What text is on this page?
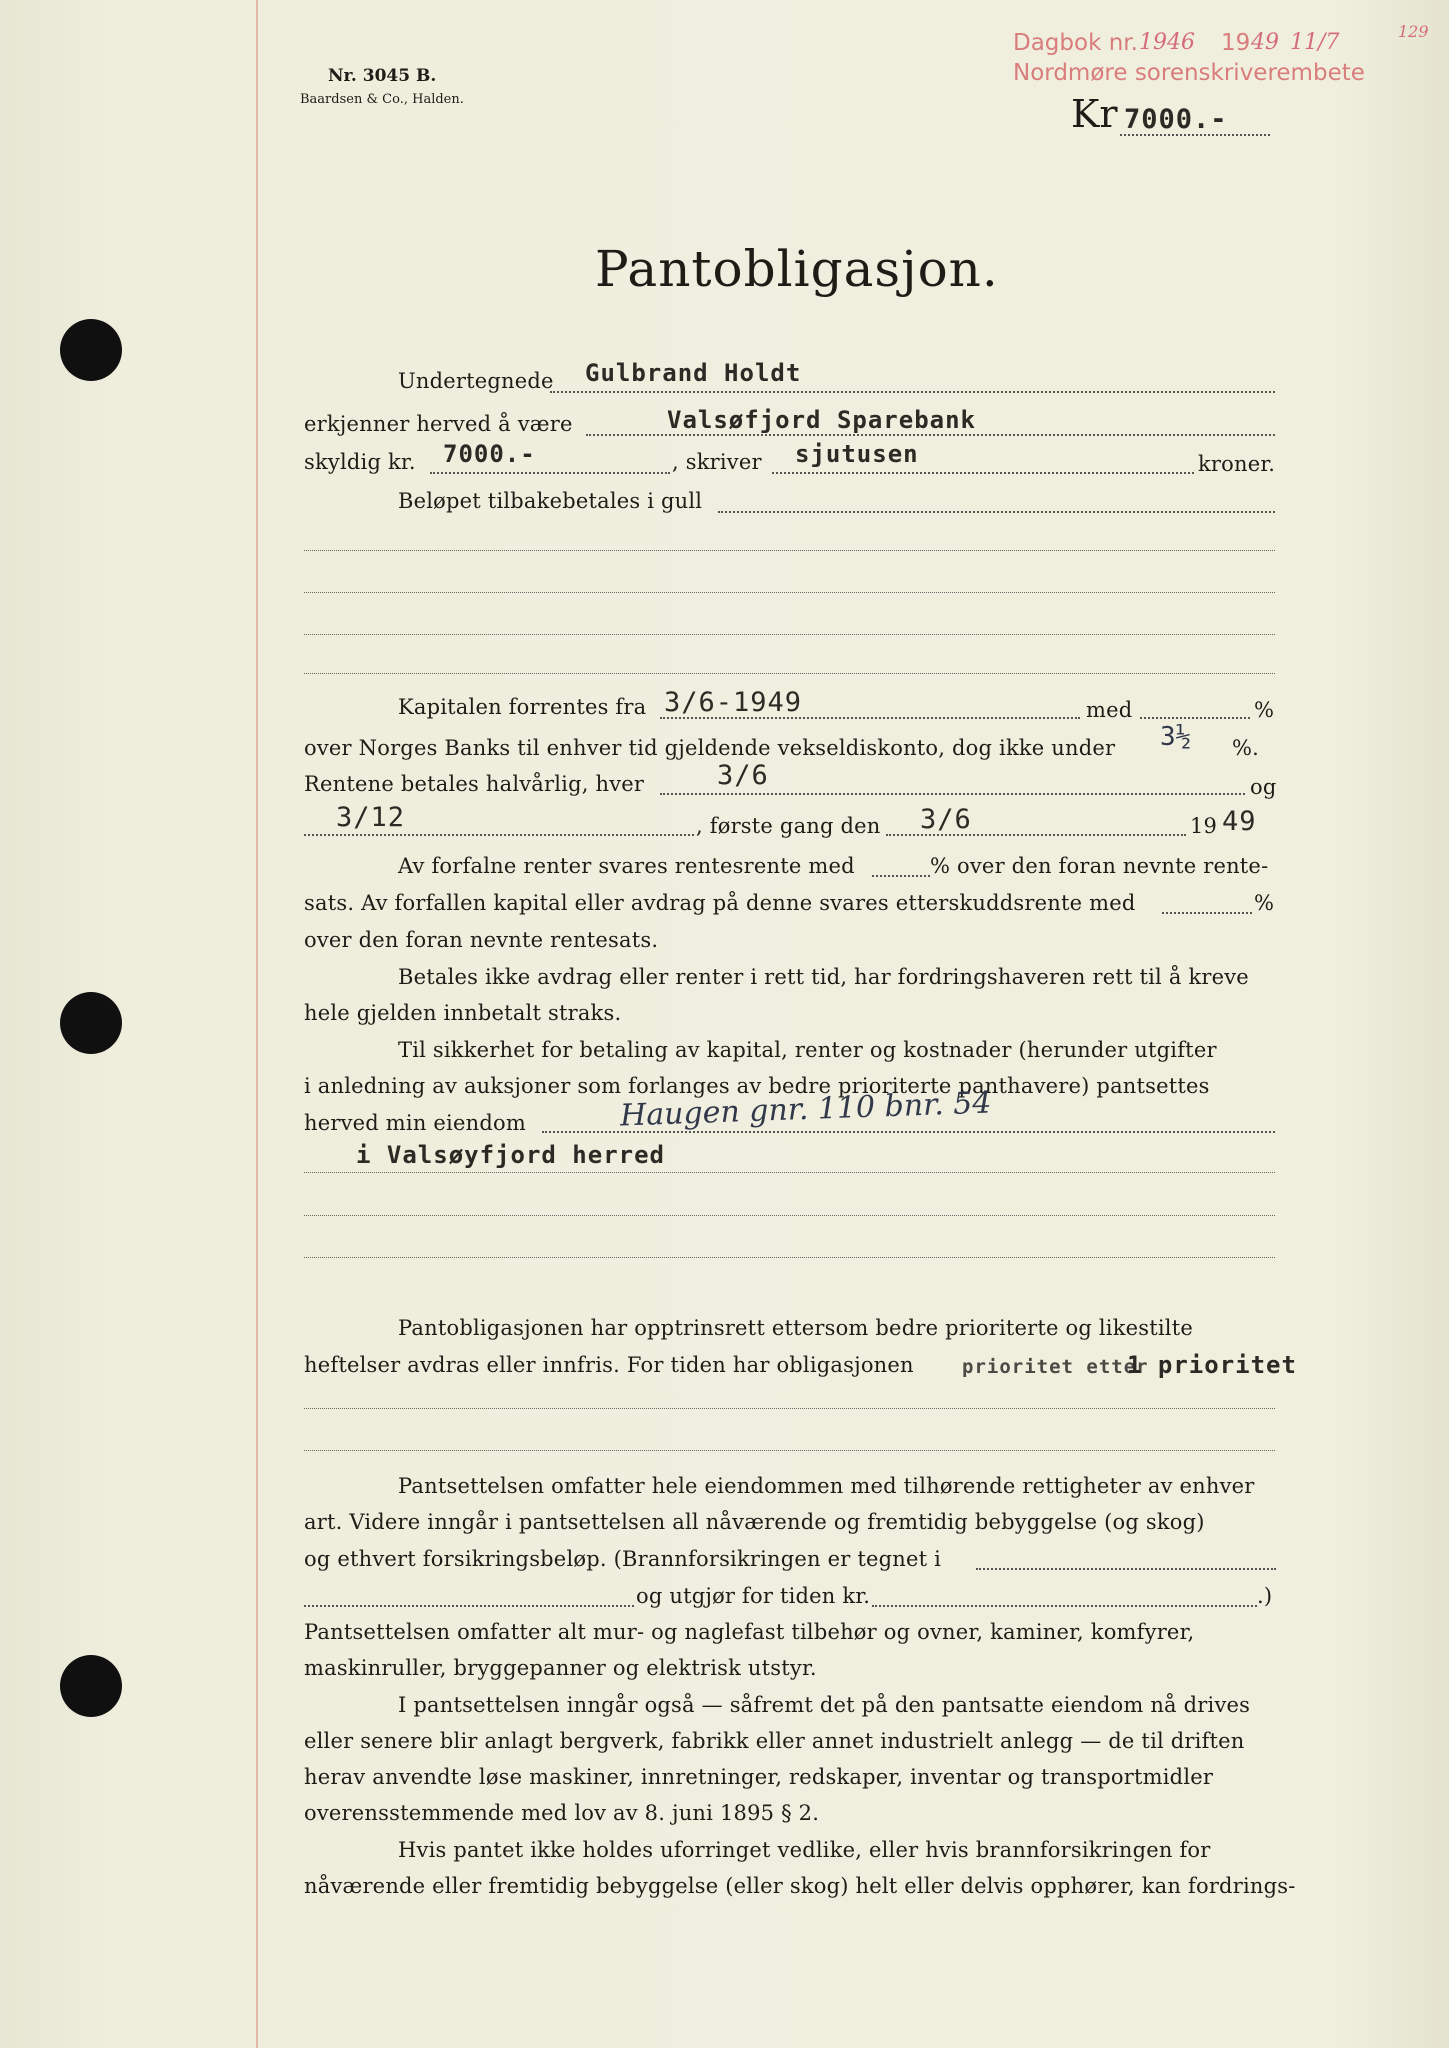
Nr. 3045 B.
Baardsen & Co., Halden.
Dagbok nr. 1946 19 49 11/7	129
Nordmøre sorenskriverembete
Kr 7000.-
Pantobligasjon.
Undertegnede Gulbrand Holdt
erkjenner herved å være	Valsøfjord Sparebank
skyldig kr. 7000.-	, skriver sjutusen	kroner.
Beløpet tilbakebetales i gull
Kapitalen forrentes fra 3/6-1949	med	%
over Norges Banks til enhver tid gjeldende vekseldiskonto, dog ikke under 3½ %.
Rentene betales halvårlig, hver	3/6	og
3/12	, første gang den 3/6	19 49
Av forfalne renter svares rentesrente med	% over den foran nevnte rente-
sats. Av forfallen kapital eller avdrag på denne svares etterskuddsrente med	%
over den foran nevnte rentesats.
Betales ikke avdrag eller renter i rett tid, har fordringshaveren rett til å kreve
hele gjelden innbetalt straks.
Til sikkerhet for betaling av kapital, renter og kostnader (herunder utgifter
i anledning av auksjoner som forlanges av bedre prioriterte panthavere) pantsettes
herved min eiendom	Haugen gnr. 110 bnr. 54
i Valsøyfjord herred
Pantobligasjonen har opptrinsrett ettersom bedre prioriterte og likestilte
heftelser avdras eller innfris. For tiden har obligasjonen	prioritet etter
1 prioritet
Pantsettelsen omfatter hele eiendommen med tilhørende rettigheter av enhver
art. Videre inngår i pantsettelsen all nåværende og fremtidig bebyggelse (og skog)
og ethvert forsikringsbeløp. (Brannforsikringen er tegnet i
og utgjør for tiden kr.	.)
Pantsettelsen omfatter alt mur- og naglefast tilbehør og ovner, kaminer, komfyrer,
maskinruller, bryggepanner og elektrisk utstyr.
I pantsettelsen inngår også — såfremt det på den pantsatte eiendom nå drives
eller senere blir anlagt bergverk, fabrikk eller annet industrielt anlegg — de til driften
herav anvendte løse maskiner, innretninger, redskaper, inventar og transportmidler
overensstemmende med lov av 8. juni 1895 § 2.
Hvis pantet ikke holdes uforringet vedlike, eller hvis brannforsikringen for
nåværende eller fremtidig bebyggelse (eller skog) helt eller delvis opphører, kan fordrings-
